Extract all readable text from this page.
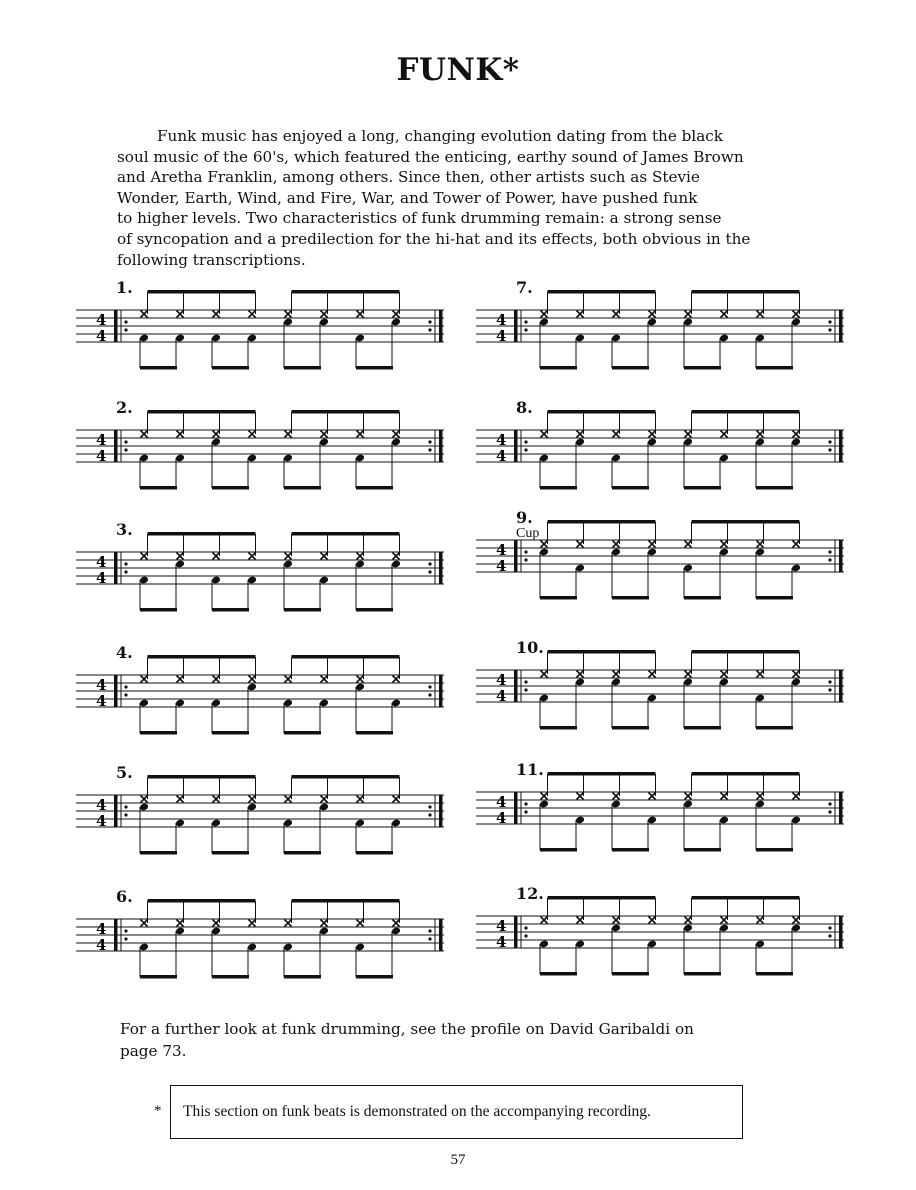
FUNK*
Funk music has enjoyed a long, changing evolution dating from the black
soul music of the 60's, which featured the enticing, earthy sound of James Brown
and Aretha Franklin, among others. Since then, other artists such as Stevie
Wonder, Earth, Wind, and Fire, War, and Tower of Power, have pushed funk
to higher levels. Two characteristics of funk drumming remain: a strong sense
of syncopation and a predilection for the hi-hat and its effects, both obvious in the
following transcriptions.
4
4
1.
4
4
2.
4
4
3.
4
4
4.
4
4
5.
4
4
6.
4
4
7.
4
4
8.
4
4
9.
Cup
4
4
10.
4
4
11.
4
4
12.
For a further look at funk drumming, see the profile on David Garibaldi on
page 73.
* This section on funk beats is demonstrated on the accompanying recording.
57
